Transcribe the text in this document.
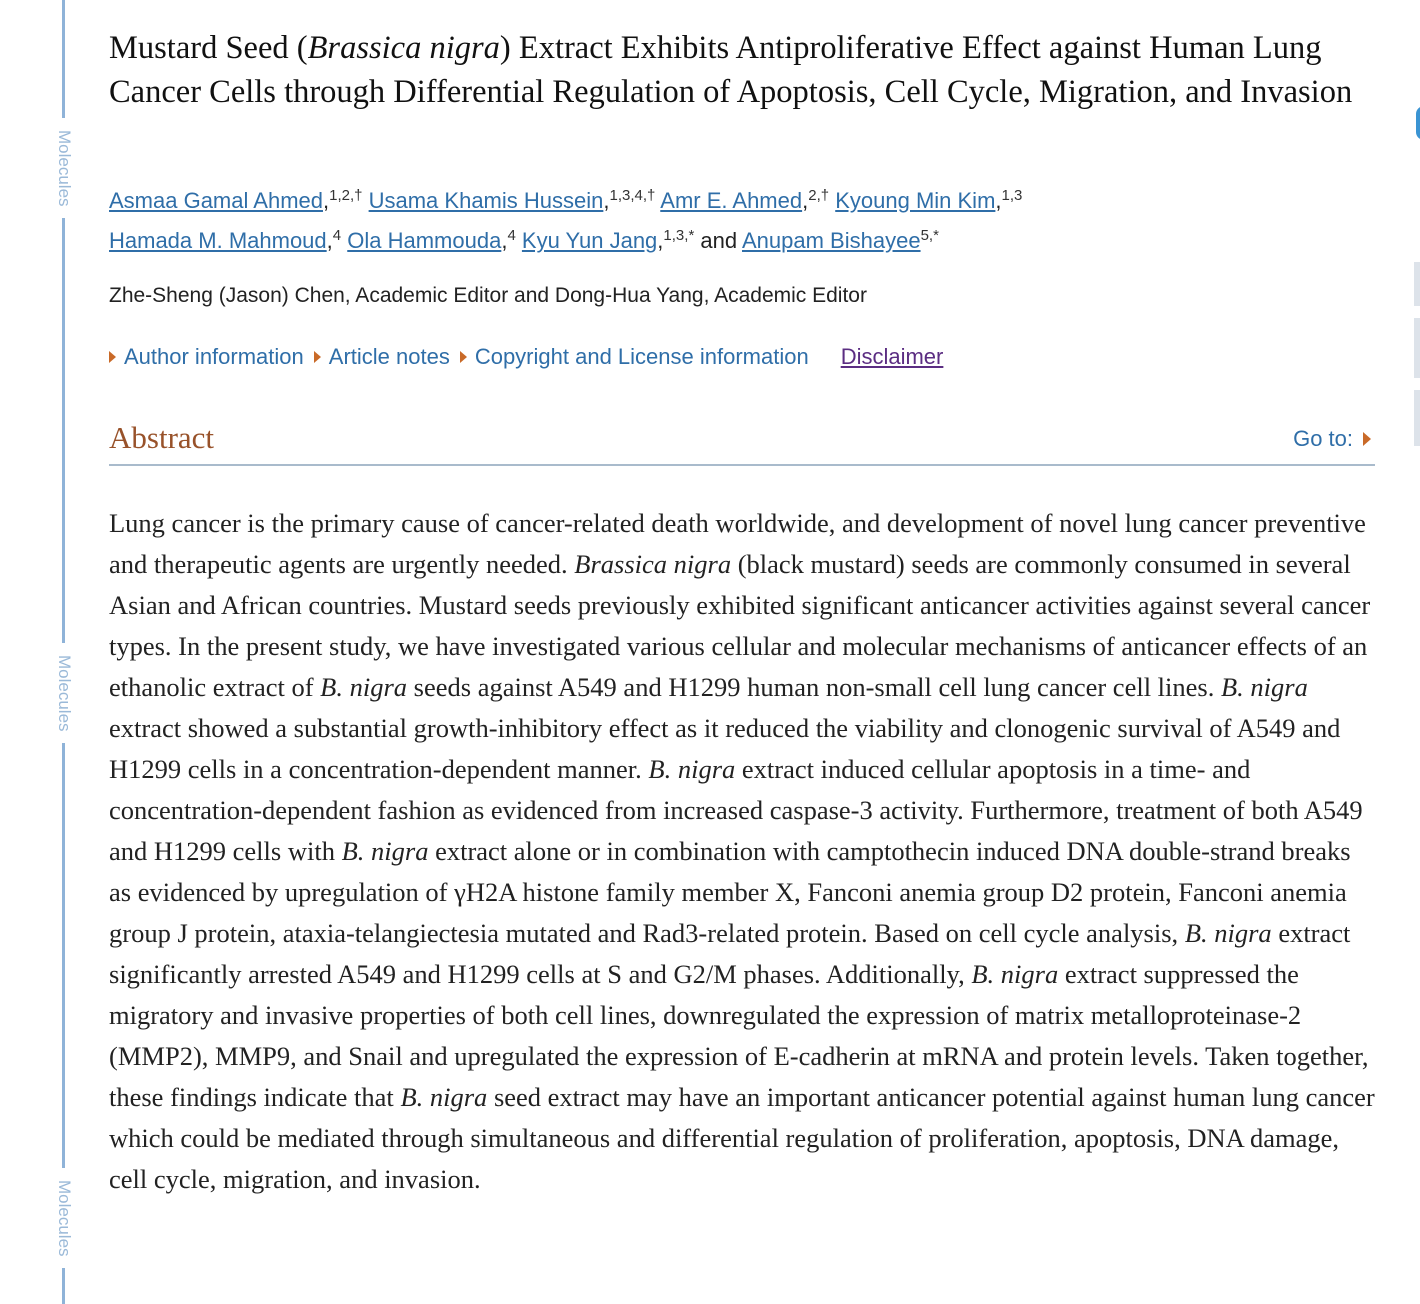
Molecules
Molecules
Molecules
Mustard Seed (Brassica nigra) Extract Exhibits Antiproliferative Effect against Human Lung Cancer Cells through Differential Regulation of Apoptosis, Cell Cycle, Migration, and Invasion
Asmaa Gamal Ahmed,$^{1,2,\dagger}$ Usama Khamis Hussein,$^{1,3,4,\dagger}$ Amr E. Ahmed,$^{2,\dagger}$ Kyoung Min Kim,$^{1,3}$
Hamada M. Mahmoud,$^4$ Ola Hammouda,$^4$ Kyu Yun Jang,$^{1,3,*}$ and Anupam Bishayee$^{5,*}$
Zhe-Sheng (Jason) Chen, Academic Editor and Dong-Hua Yang, Academic Editor
Author information Article notes Copyright and License information Disclaimer
Abstract	Go to:

Lung cancer is the primary cause of cancer-related death worldwide, and development of novel lung cancer preventive and therapeutic agents are urgently needed. Brassica nigra (black mustard) seeds are commonly consumed in several Asian and African countries. Mustard seeds previously exhibited significant anticancer activities against several cancer types. In the present study, we have investigated various cellular and molecular mechanisms of anticancer effects of an ethanolic extract of B. nigra seeds against A549 and H1299 human non-small cell lung cancer cell lines. B. nigra extract showed a substantial growth-inhibitory effect as it reduced the viability and clonogenic survival of A549 and H1299 cells in a concentration-dependent manner. B. nigra extract induced cellular apoptosis in a time- and concentration-dependent fashion as evidenced from increased caspase-3 activity. Furthermore, treatment of both A549 and H1299 cells with B. nigra extract alone or in combination with camptothecin induced DNA double-strand breaks as evidenced by upregulation of γH2A histone family member X, Fanconi anemia group D2 protein, Fanconi anemia group J protein, ataxia-telangiectesia mutated and Rad3-related protein. Based on cell cycle analysis, B. nigra extract significantly arrested A549 and H1299 cells at S and G2/M phases. Additionally, B. nigra extract suppressed the migratory and invasive properties of both cell lines, downregulated the expression of matrix metalloproteinase-2 (MMP2), MMP9, and Snail and upregulated the expression of E-cadherin at mRNA and protein levels. Taken together, these findings indicate that B. nigra seed extract may have an important anticancer potential against human lung cancer which could be mediated through simultaneous and differential regulation of proliferation, apoptosis, DNA damage, cell cycle, migration, and invasion.
